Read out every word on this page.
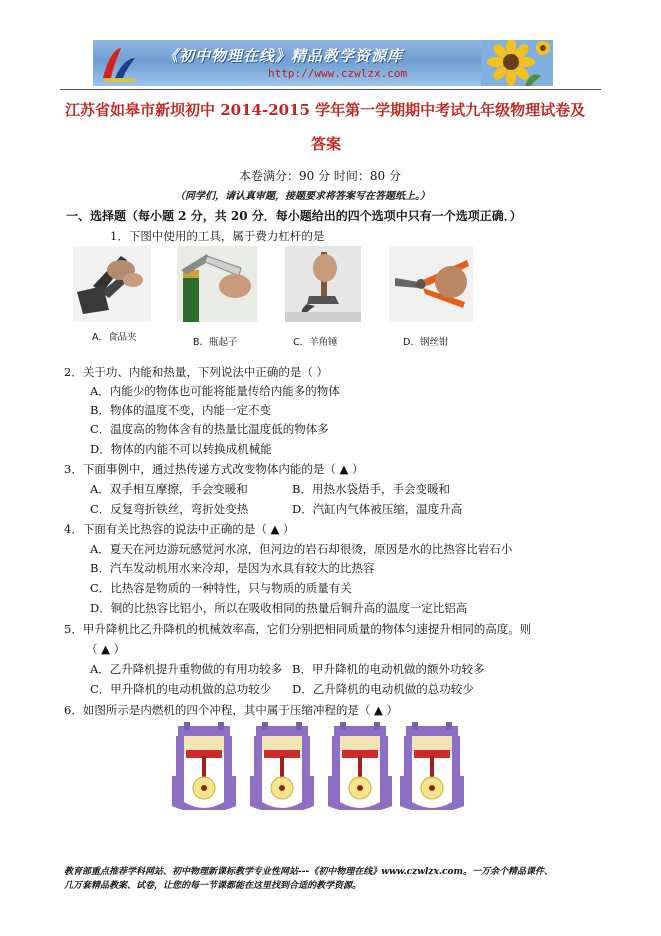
《初中物理在线》精品教学资源库
http://www.czwlzx.com
江苏省如皋市新坝初中 2014-2015 学年第一学期期中考试九年级物理试卷及
答案
本卷满分：90 分 时间：80 分
（同学们，请认真审题，接题要求将答案写在答题纸上。）
一、选择题（每小题 2 分，共 20 分．每小题给出的四个选项中只有一个选项正确．）
1．下图中使用的工具，属于费力杠杆的是
A．食品夹	B．瓶起子	C．羊角锤	D．钢丝钳
2．关于功、内能和热量，下列说法中正确的是（ ）
A．内能少的物体也可能将能量传给内能多的物体
B．物体的温度不变，内能一定不变
C．温度高的物体含有的热量比温度低的物体多
D．物体的内能不可以转换成机械能
3．下面事例中，通过热传递方式改变物体内能的是（ ▲ ）
A．双手相互摩擦，手会变暖和	B．用热水袋焐手，手会变暖和
C．反复弯折铁丝，弯折处变热	D．汽缸内气体被压缩，温度升高
4．下面有关比热容的说法中正确的是（ ▲ ）
A．夏天在河边游玩感觉河水凉，但河边的岩石却很烫，原因是水的比热容比岩石小
B．汽车发动机用水来冷却，是因为水具有较大的比热容
C．比热容是物质的一种特性，只与物质的质量有关
D．铜的比热容比铝小，所以在吸收相同的热量后铜升高的温度一定比铝高
5．甲升降机比乙升降机的机械效率高，它们分别把相同质量的物体匀速提升相同的高度。则
（ ▲ ）
A．乙升降机提升重物做的有用功较多 B．甲升降机的电动机做的额外功较多
C．甲升降机的电动机做的总功较少 D．乙升降机的电动机做的总功较少
6．如图所示是内燃机的四个冲程，其中属于压缩冲程的是（ ▲ ）
教育部重点推荐学科网站、初中物理新课标教学专业性网站---《初中物理在线》www.czwlzx.com。一万余个精品课件、
几万套精品教案、试卷，让您的每一节课都能在这里找到合适的教学资源。
